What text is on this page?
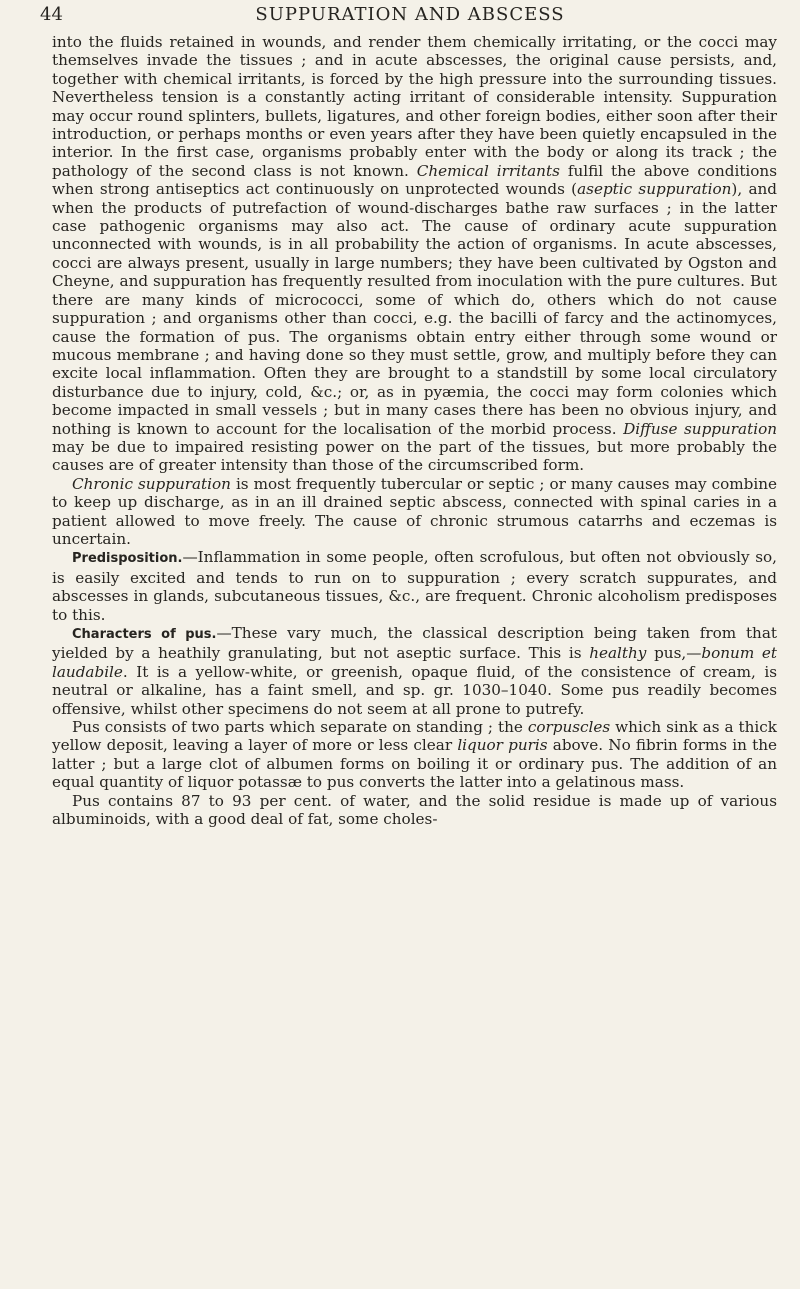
44	SUPPURATION AND ABSCESS

into the fluids retained in wounds, and render them chemically irritating, or the cocci may themselves invade the tissues ; and in acute abscesses, the original cause persists, and, together with chemical irritants, is forced by the high pressure into the surrounding tissues. Nevertheless tension is a constantly acting irritant of considerable intensity. Suppuration may occur round splinters, bullets, ligatures, and other foreign bodies, either soon after their introduction, or perhaps months or even years after they have been quietly encapsuled in the interior. In the first case, organisms probably enter with the body or along its track ; the pathology of the second class is not known. Chemical irritants fulfil the above conditions when strong antiseptics act continuously on unprotected wounds (aseptic suppuration), and when the products of putrefaction of wound-discharges bathe raw surfaces ; in the latter case pathogenic organisms may also act. The cause of ordinary acute suppuration unconnected with wounds, is in all probability the action of organisms. In acute abscesses, cocci are always present, usually in large numbers; they have been cultivated by Ogston and Cheyne, and suppuration has frequently resulted from inoculation with the pure cultures. But there are many kinds of micrococci, some of which do, others which do not cause suppuration ; and organisms other than cocci, e.g. the bacilli of farcy and the actinomyces, cause the formation of pus. The organisms obtain entry either through some wound or mucous membrane ; and having done so they must settle, grow, and multiply before they can excite local inflammation. Often they are brought to a standstill by some local circulatory disturbance due to injury, cold, &c.; or, as in pyæmia, the cocci may form colonies which become impacted in small vessels ; but in many cases there has been no obvious injury, and nothing is known to account for the localisation of the morbid process. Diffuse suppuration may be due to impaired resisting power on the part of the tissues, but more probably the causes are of greater intensity than those of the circumscribed form.

Chronic suppuration is most frequently tubercular or septic ; or many causes may combine to keep up discharge, as in an ill drained septic abscess, connected with spinal caries in a patient allowed to move freely. The cause of chronic strumous catarrhs and eczemas is uncertain.

Predisposition.—Inflammation in some people, often scrofulous, but often not obviously so, is easily excited and tends to run on to suppuration ; every scratch suppurates, and abscesses in glands, subcutaneous tissues, &c., are frequent. Chronic alcoholism predisposes to this.

Characters of pus.—These vary much, the classical description being taken from that yielded by a heathily granulating, but not aseptic surface. This is healthy pus,—bonum et laudabile. It is a yellow-white, or greenish, opaque fluid, of the consistence of cream, is neutral or alkaline, has a faint smell, and sp. gr. 1030–1040. Some pus readily becomes offensive, whilst other specimens do not seem at all prone to putrefy.

Pus consists of two parts which separate on standing ; the corpuscles which sink as a thick yellow deposit, leaving a layer of more or less clear liquor puris above. No fibrin forms in the latter ; but a large clot of albumen forms on boiling it or ordinary pus. The addition of an equal quantity of liquor potassæ to pus converts the latter into a gelatinous mass.

Pus contains 87 to 93 per cent. of water, and the solid residue is made up of various albuminoids, with a good deal of fat, some choles-
